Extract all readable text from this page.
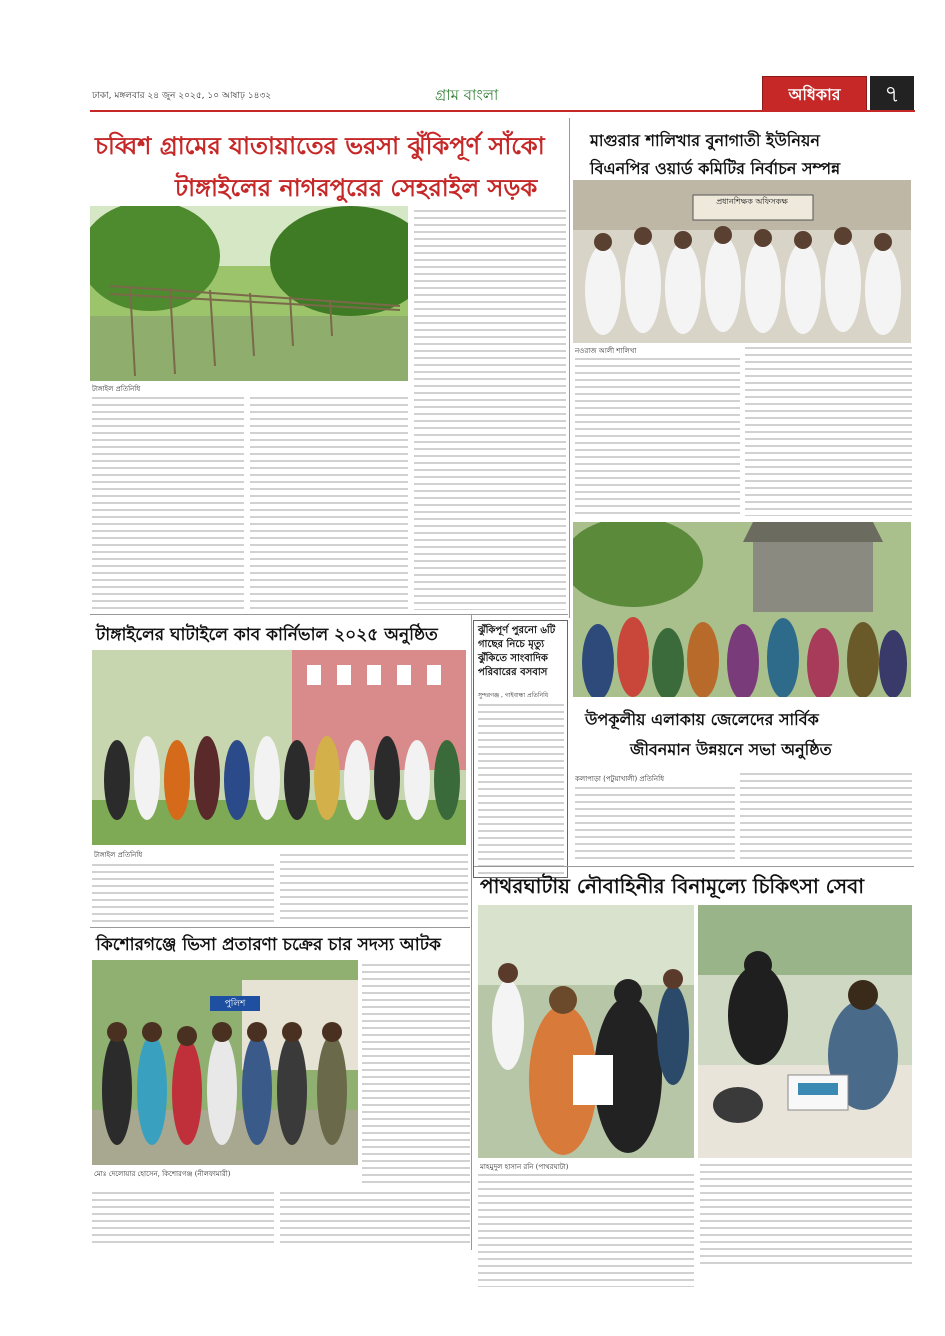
ঢাকা, মঙ্গলবার ২৪ জুন ২০২৫, ১০ আষাঢ় ১৪৩২	গ্রাম বাংলা	অধিকার	৭
চব্বিশ গ্রামের যাতায়াতের ভরসা ঝুঁকিপূর্ণ সাঁকো
টাঙ্গাইলের নাগরপুরের সেহরাইল সড়ক
টাঙ্গাইল প্রতিনিধি
মাগুরার শালিখার বুনাগাতী ইউনিয়ন
বিএনপির ওয়ার্ড কমিটির নির্বাচন সম্পন্ন
প্রধানশিক্ষক অফিসকক্ষ
নওরাজ আলী শালিখা
উপকূলীয় এলাকায় জেলেদের সার্বিক
জীবনমান উন্নয়নে সভা অনুষ্ঠিত
টাঙ্গাইলের ঘাটাইলে কাব কার্নিভাল ২০২৫ অনুষ্ঠিত
টাঙ্গাইল প্রতিনিধি
ঝুঁকিপূর্ণ পুরনো ৬টি গাছের নিচে মৃত্যু ঝুঁকিতে সাংবাদিক পরিবারের বসবাস
সুন্দরগঞ্জ , গাইবান্ধা প্রতিনিধি
কলাপাড়া (পটুয়াখালী) প্রতিনিধি
পাথরঘাটায় নৌবাহিনীর বিনামূল্যে চিকিৎসা সেবা
মাহমুদুল হাসান রনি (পাথরঘাটা)
কিশোরগঞ্জে ভিসা প্রতারণা চক্রের চার সদস্য আটক
পুলিশ
মোঃ দেলোয়ার হোসেন, কিশোরগঞ্জ (নীলফামারী)
